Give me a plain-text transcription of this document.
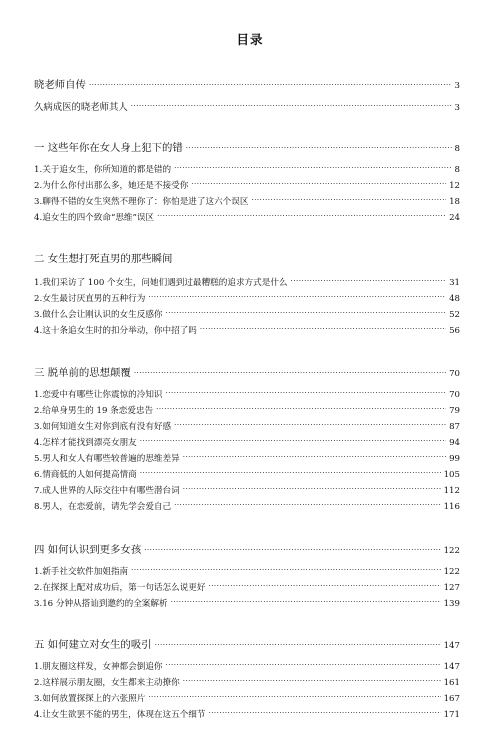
目录
晓老师自传 .....	3
久病成医的晓老师其人 .....	3
一 这些年你在女人身上犯下的错 .....	8
1.关于追女生，你所知道的都是错的 .....	8
2.为什么你付出那么多，她还是不接受你 .....	12
3.聊得不错的女生突然不理你了：你怕是进了这六个误区 .....	18
4.追女生的四个致命“思维”误区 .....	24
二 女生想打死直男的那些瞬间
1.我们采访了 100 个女生，问她们遇到过最糟糕的追求方式是什么 .....	31
2.女生最讨厌直男的五种行为 .....	48
3.做什么会让刚认识的女生反感你 .....	52
4.这十条追女生时的扣分举动，你中招了吗 .....	56
三 脱单前的思想颠覆 .....	70
1.恋爱中有哪些让你震惊的冷知识 .....	70
2.给单身男生的 19 条恋爱忠告 .....	79
3.如何知道女生对你到底有没有好感 .....	87
4.怎样才能找到漂亮女朋友 .....	94
5.男人和女人有哪些较普遍的思维差异 .....	99
6.情商低的人如何提高情商 .....	105
7.成人世界的人际交往中有哪些潜台词 .....	112
8.男人，在恋爱前，请先学会爱自己 .....	116
四 如何认识到更多女孩 .....	122
1.新手社交软件加姐指南 .....	122
2.在探探上配对成功后，第一句话怎么说更好 .....	127
3.16 分钟从搭讪到邀约的全案解析 .....	139
五 如何建立对女生的吸引 .....	147
1.朋友圈这样发，女神都会倒追你 .....	147
2.这样展示朋友圈，女生都来主动撩你 .....	161
3.如何放置探探上的六张照片 .....	167
4.让女生欲罢不能的男生，体现在这五个细节 .....	171
